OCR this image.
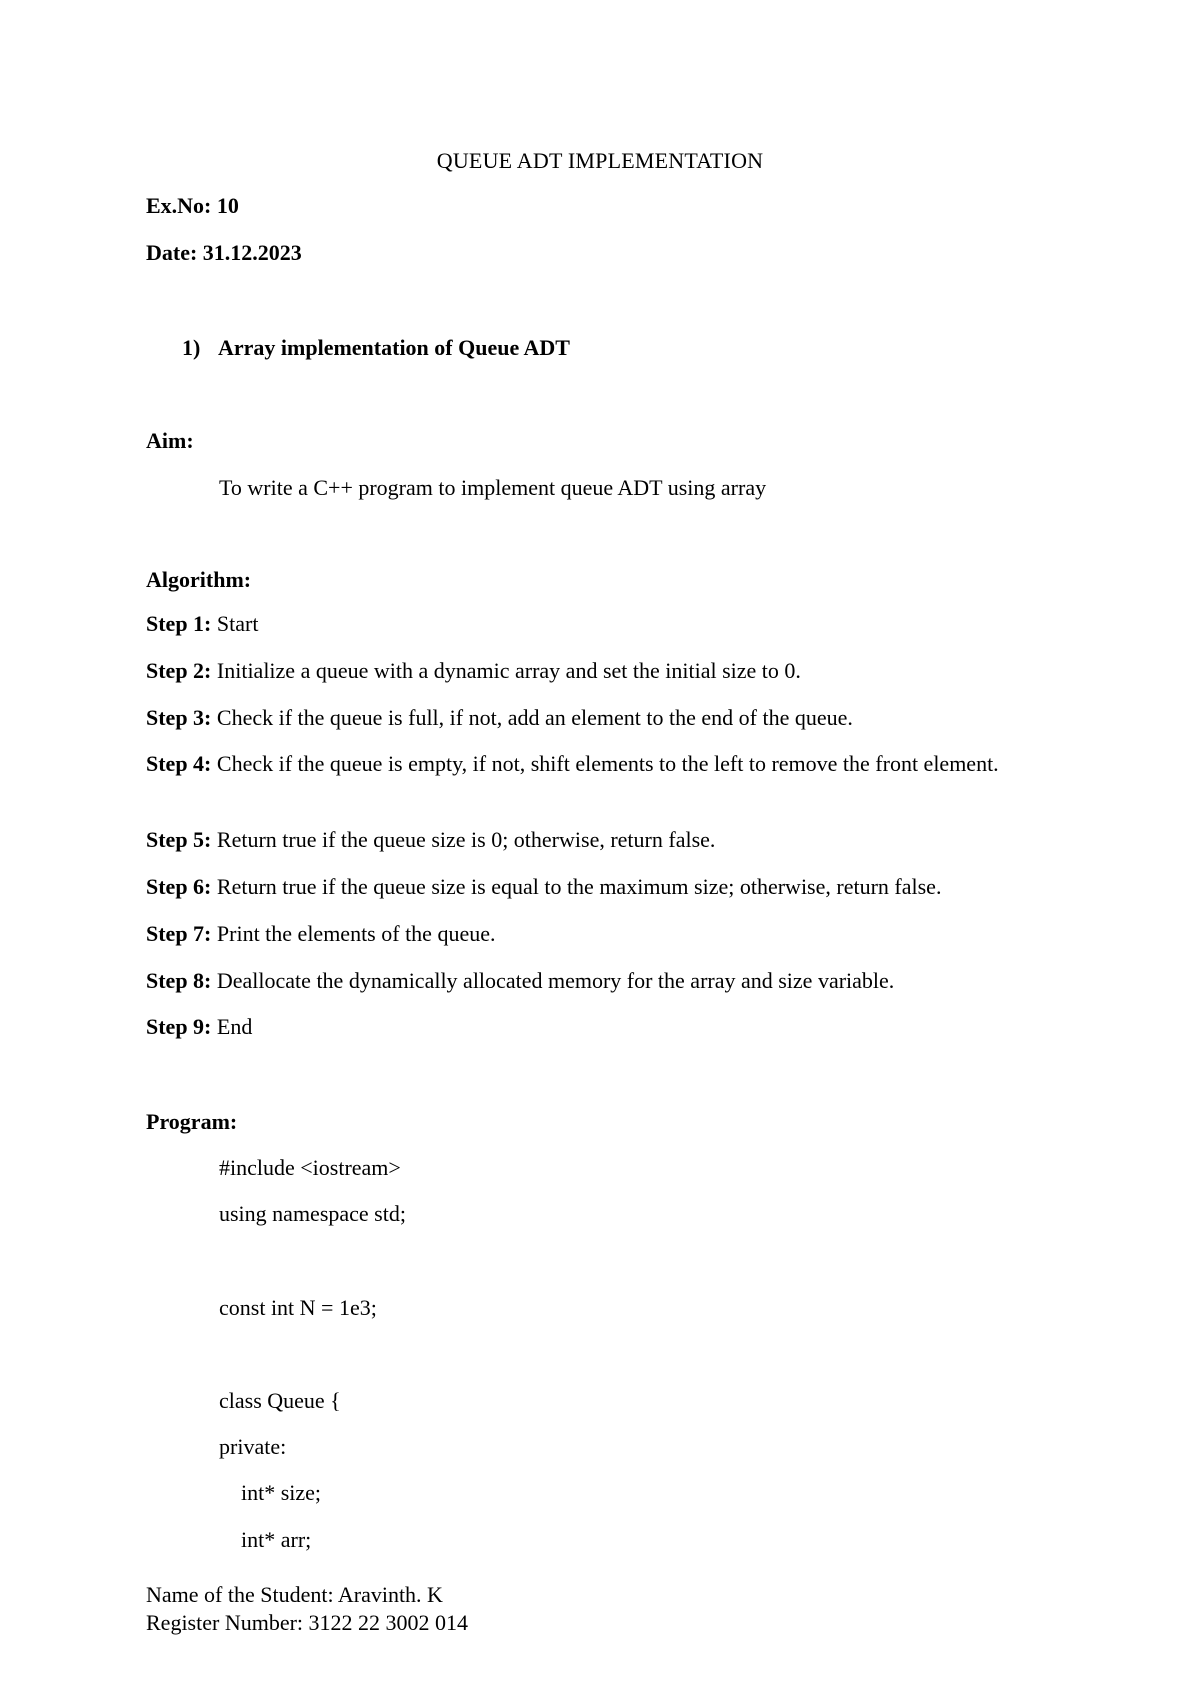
QUEUE ADT IMPLEMENTATION
Ex.No: 10
Date: 31.12.2023
1) Array implementation of Queue ADT
Aim:
To write a C++ program to implement queue ADT using array
Algorithm:
Step 1: Start
Step 2: Initialize a queue with a dynamic array and set the initial size to 0.
Step 3: Check if the queue is full, if not, add an element to the end of the queue.
Step 4: Check if the queue is empty, if not, shift elements to the left to remove the front element.
Step 5: Return true if the queue size is 0; otherwise, return false.
Step 6: Return true if the queue size is equal to the maximum size; otherwise, return false.
Step 7: Print the elements of the queue.
Step 8: Deallocate the dynamically allocated memory for the array and size variable.
Step 9: End
Program:
#include <iostream>
using namespace std;
const int N = 1e3;
class Queue {
private:
int* size;
int* arr;
Name of the Student: Aravinth. K
Register Number: 3122 22 3002 014
